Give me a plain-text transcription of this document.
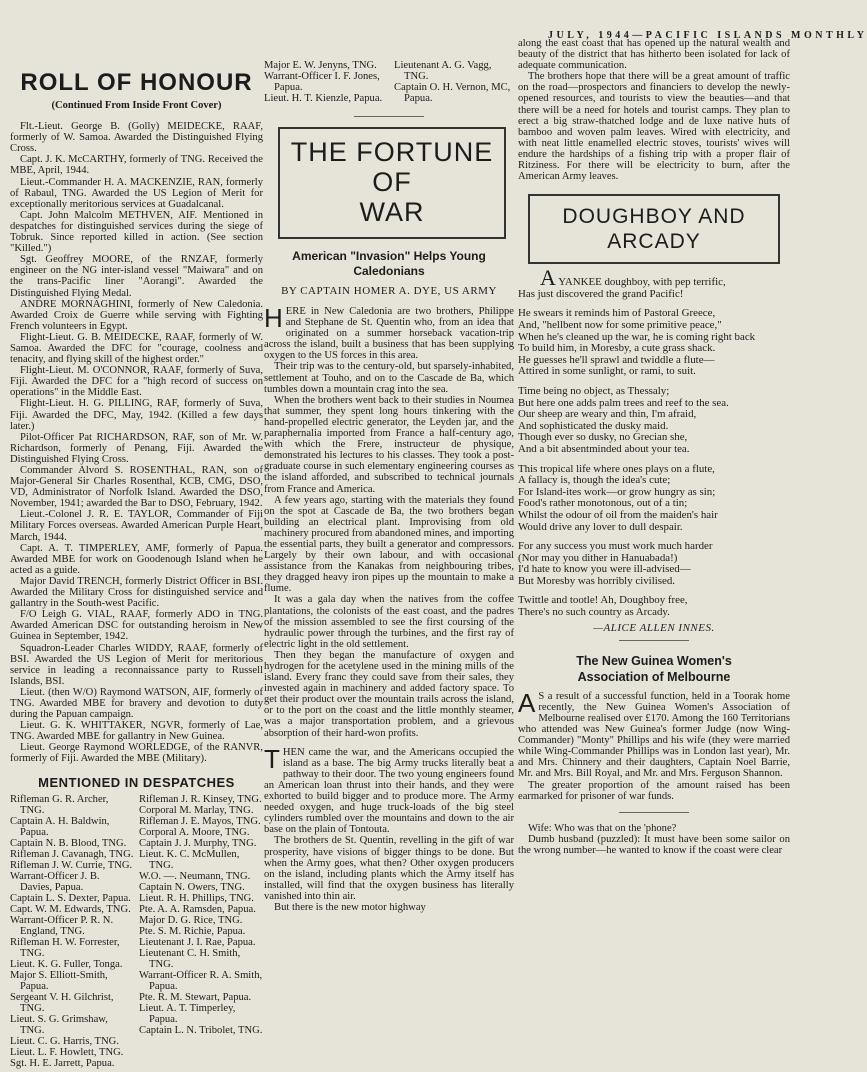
JULY, 1944—PACIFIC ISLANDS MONTHLY
ROLL OF HONOUR
(Continued From Inside Front Cover)

Flt.-Lieut. George B. (Golly) MEIDECKE, RAAF, formerly of W. Samoa. Awarded the Distinguished Flying Cross.

Capt. J. K. McCARTHY, formerly of TNG. Received the MBE, April, 1944.

Lieut.-Commander H. A. MACKENZIE, RAN, formerly of Rabaul, TNG. Awarded the US Legion of Merit for exceptionally meritorious services at Guadalcanal.

Capt. John Malcolm METHVEN, AIF. Mentioned in despatches for distinguished services during the siege of Tobruk. Since reported killed in action. (See section "Killed.")

Sgt. Geoffrey MOORE, of the RNZAF, formerly engineer on the NG inter-island vessel "Maiwara" and on the trans-Pacific liner "Aorangi". Awarded the Distinguished Flying Medal.

ANDRE MORNAGHINI, formerly of New Caledonia. Awarded Croix de Guerre while serving with Fighting French volunteers in Egypt.

Flight-Lieut. G. B. MEIDECKE, RAAF, formerly of W. Samoa. Awarded the DFC for "courage, coolness and tenacity, and flying skill of the highest order."

Flight-Lieut. M. O'CONNOR, RAAF, formerly of Suva, Fiji. Awarded the DFC for a "high record of success on operations" in the Middle East.

Flight-Lieut. H. G. PILLING, RAF, formerly of Suva, Fiji. Awarded the DFC, May, 1942. (Killed a few days later.)

Pilot-Officer Pat RICHARDSON, RAF, son of Mr. W. Richardson, formerly of Penang, Fiji. Awarded the Distinguished Flying Cross.

Commander Alvord S. ROSENTHAL, RAN, son of Major-General Sir Charles Rosenthal, KCB, CMG, DSO, VD, Administrator of Norfolk Island. Awarded the DSO, November, 1941; awarded the Bar to DSO, February, 1942.

Lieut.-Colonel J. R. E. TAYLOR, Commander of Fiji Military Forces overseas. Awarded American Purple Heart, March, 1944.

Capt. A. T. TIMPERLEY, AMF, formerly of Papua. Awarded MBE for work on Goodenough Island when he acted as a guide.

Major David TRENCH, formerly District Officer in BSI. Awarded the Military Cross for distinguished service and gallantry in the South-west Pacific.

F/O Leigh G. VIAL, RAAF, formerly ADO in TNG. Awarded American DSC for outstanding heroism in New Guinea in September, 1942.

Squadron-Leader Charles WIDDY, RAAF, formerly of BSI. Awarded the US Legion of Merit for meritorious service in leading a reconnaissance party to Russell Islands, BSI.

Lieut. (then W/O) Raymond WATSON, AIF, formerly of TNG. Awarded MBE for bravery and devotion to duty during the Papuan campaign.

Lieut. G. K. WHITTAKER, NGVR, formerly of Lae, TNG. Awarded MBE for gallantry in New Guinea.

Lieut. George Raymond WORLEDGE, of the RANVR, formerly of Fiji. Awarded the MBE (Military).

MENTIONED IN DESPATCHES
Rifleman G. R. Archer, TNG.
Captain A. H. Baldwin, Papua.
Captain N. B. Blood, TNG.
Rifleman J. Cavanagh, TNG.
Rifleman J. W. Currie, TNG.
Warrant-Officer J. B. Davies, Papua.
Captain L. S. Dexter, Papua.
Capt. W. M. Edwards, TNG.
Warrant-Officer P. R. N. England, TNG.
Rifleman H. W. Forrester, TNG.
Lieut. K. G. Fuller, Tonga.
Major S. Elliott-Smith, Papua.
Sergeant V. H. Gilchrist, TNG.
Lieut. S. G. Grimshaw, TNG.
Lieut. C. G. Harris, TNG.
Lieut. L. F. Howlett, TNG.
Sgt. H. E. Jarrett, Papua.
Rifleman J. R. Kinsey, TNG.
Corporal M. Marlay, TNG.
Rifleman J. E. Mayos, TNG.
Corporal A. Moore, TNG.
Captain J. J. Murphy, TNG.
Lieut. K. C. McMullen, TNG.
W.O. —. Neumann, TNG.
Captain N. Owers, TNG.
Lieut. R. H. Phillips, TNG.
Pte. A. A. Ramsden, Papua.
Major D. G. Rice, TNG.
Pte. S. M. Richie, Papua.
Lieutenant J. I. Rae, Papua.
Lieutenant C. H. Smith, TNG.
Warrant-Officer R. A. Smith, Papua.
Pte. R. M. Stewart, Papua.
Lieut. A. T. Timperley, Papua.
Captain L. N. Tribolet, TNG.
Major E. W. Jenyns, TNG.
Warrant-Officer I. F. Jones, Papua.
Lieut. H. T. Kienzle, Papua.
Lieutenant A. G. Vagg, TNG.
Captain O. H. Vernon, MC, Papua.
THE FORTUNE OF
WAR
American "Invasion" Helps Young Caledonians
BY CAPTAIN HOMER A. DYE, US ARMY

HERE in New Caledonia are two brothers, Philippe and Stephane de St. Quentin who, from an idea that originated on a summer horseback vacation-trip across the island, built a business that has been supplying oxygen to the US forces in this area.

Their trip was to the century-old, but sparsely-inhabited, settlement at Touho, and on to the Cascade de Ba, which tumbles down a mountain crag into the sea.

When the brothers went back to their studies in Noumea that summer, they spent long hours tinkering with the hand-propelled electric generator, the Leyden jar, and the paraphernalia imported from France a half-century ago, with which the Frere, instructeur de physique, demonstrated his lectures to his classes. They took a post-graduate course in such elementary engineering courses as the island afforded, and subscribed to technical journals from France and America.

A few years ago, starting with the materials they found on the spot at Cascade de Ba, the two brothers began building an electrical plant. Improvising from old machinery procured from abandoned mines, and importing the essential parts, they built a generator and compressors. Largely by their own labour, and with occasional assistance from the Kanakas from neighbouring tribes, they dragged heavy iron pipes up the mountain to make a flume.

It was a gala day when the natives from the coffee plantations, the colonists of the east coast, and the padres of the mission assembled to see the first coursing of the hydraulic power through the turbines, and the first ray of electric light in the old settlement.

Then they began the manufacture of oxygen and hydrogen for the acetylene used in the mining mills of the island. Every franc they could save from their sales, they invested again in machinery and added factory space. To get their product over the mountain trails across the island, or to the port on the coast and the little monthly steamer, was a major transportation problem, and a grievous absorption of their hard-won profits.

THEN came the war, and the Americans occupied the island as a base. The big Army trucks literally beat a pathway to their door. The two young engineers found an American loan thrust into their hands, and they were exhorted to build bigger and to produce more. The Army needed oxygen, and huge truck-loads of the big steel cylinders rumbled over the mountains and down to the air base on the plain of Tontouta.

The brothers de St. Quentin, revelling in the gift of war prosperity, have visions of bigger things to be done. But when the Army goes, what then? Other oxygen producers on the island, including plants which the Army itself has installed, will find that the oxygen business has literally vanished into thin air.

But there is the new motor highway

along the east coast that has opened up the natural wealth and beauty of the district that has hitherto been isolated for lack of adequate communication.

The brothers hope that there will be a great amount of traffic on the road—prospectors and financiers to develop the newly-opened resources, and tourists to view the beauties—and that there will be a need for hotels and tourist camps. They plan to erect a big straw-thatched lodge and de luxe native huts of bamboo and woven palm leaves. Wired with electricity, and with neat little enamelled electric stoves, tourists' wives will endure the hardships of a fishing trip with a proper flair of Ritziness. For there will be electricity to burn, after the American Army leaves.

DOUGHBOY AND
ARCADY
A YANKEE doughboy, with pep terrific,
Has just discovered the grand Pacific!
He swears it reminds him of Pastoral Greece,
And, "hellbent now for some primitive peace,"
When he's cleaned up the war, he is coming right back
To build him, in Moresby, a cute grass shack.
He guesses he'll sprawl and twiddle a flute—
Attired in some sunlight, or rami, to suit.
Time being no object, as Thessaly;
But here one adds palm trees and reef to the sea.
Our sheep are weary and thin, I'm afraid,
And sophisticated the dusky maid.
Though ever so dusky, no Grecian she,
And a bit absentminded about your tea.
This tropical life where ones plays on a flute,
A fallacy is, though the idea's cute;
For Island-ites work—or grow hungry as sin;
Food's rather monotonous, out of a tin;
Whilst the odour of oil from the maiden's hair
Would drive any lover to dull despair.
For any success you must work much harder
(Nor may you dither in Hanuabada!)
I'd hate to know you were ill-advised—
But Moresby was horribly civilised.
Twittle and tootle! Ah, Doughboy free,
There's no such country as Arcady.
—ALICE ALLEN INNES.
The New Guinea Women's
Association of Melbourne

AS a result of a successful function, held in a Toorak home recently, the New Guinea Women's Association of Melbourne realised over £170. Among the 160 Territorians who attended was New Guinea's former Judge (now Wing-Commander) "Monty" Phillips and his wife (they were married while Wing-Commander Phillips was in London last year), Mr. and Mrs. Chinnery and their daughters, Captain Noel Barrie, Mr. and Mrs. Bill Royal, and Mr. and Mrs. Ferguson Shannon.

The greater proportion of the amount raised has been earmarked for prisoner of war funds.

Wife: Who was that on the 'phone?

Dumb husband (puzzled): It must have been some sailor on the wrong number—he wanted to know if the coast were clear
